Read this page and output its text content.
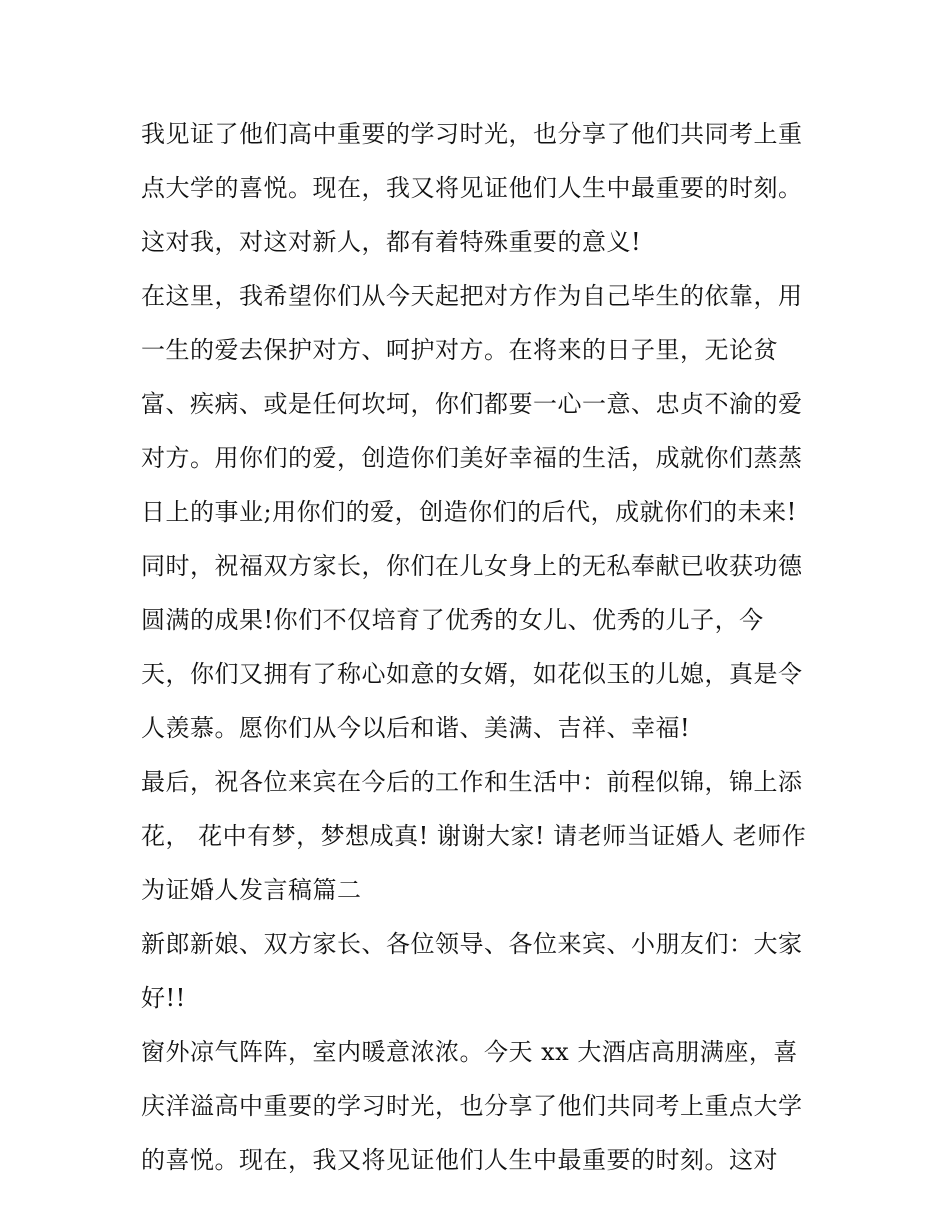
我见证了他们高中重要的学习时光，也分享了他们共同考上重
点大学的喜悦。现在，我又将见证他们人生中最重要的时刻。
这对我，对这对新人，都有着特殊重要的意义!
在这里，我希望你们从今天起把对方作为自己毕生的依靠，用
一生的爱去保护对方、呵护对方。在将来的日子里，无论贫
富、疾病、或是任何坎坷，你们都要一心一意、忠贞不渝的爱
对方。用你们的爱，创造你们美好幸福的生活，成就你们蒸蒸
日上的事业;用你们的爱，创造你们的后代，成就你们的未来!
同时，祝福双方家长，你们在儿女身上的无私奉献已收获功德
圆满的成果!你们不仅培育了优秀的女儿、优秀的儿子，今
天，你们又拥有了称心如意的女婿，如花似玉的儿媳，真是令
人羡慕。愿你们从今以后和谐、美满、吉祥、幸福!
最后，祝各位来宾在今后的工作和生活中：前程似锦，锦上添
花， 花中有梦，梦想成真! 谢谢大家! 请老师当证婚人 老师作
为证婚人发言稿篇二
新郎新娘、双方家长、各位领导、各位来宾、小朋友们：大家
好!!
窗外凉气阵阵，室内暖意浓浓。今天 xx 大酒店高朋满座，喜
庆洋溢高中重要的学习时光，也分享了他们共同考上重点大学
的喜悦。现在，我又将见证他们人生中最重要的时刻。这对
